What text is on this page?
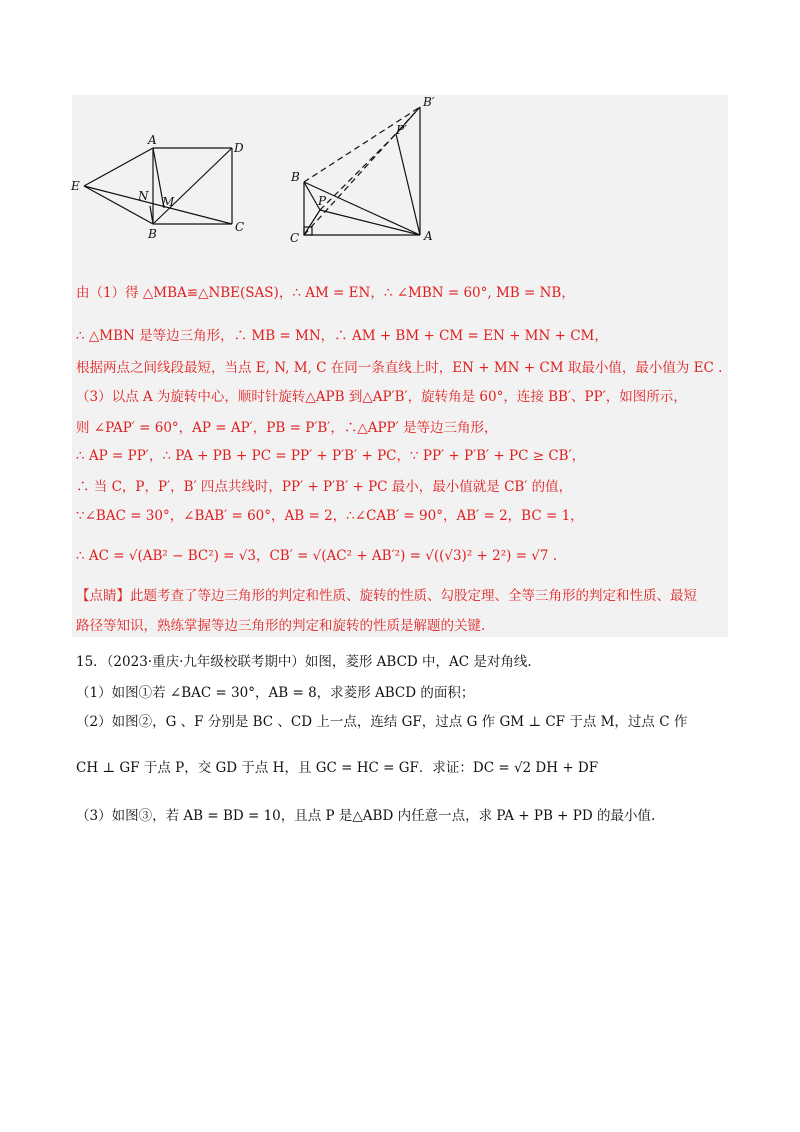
A
D
E
N M
B	C
B′
P′
B
P
C	A
由（1）得 △MBA≌△NBE(SAS)，∴ AM = EN，∴ ∠MBN = 60°, MB = NB，
∴ △MBN 是等边三角形，∴ MB = MN，∴ AM + BM + CM = EN + MN + CM，
根据两点之间线段最短，当点 E, N, M, C 在同一条直线上时，EN + MN + CM 取最小值，最小值为 EC .
（3）以点 A 为旋转中心，顺时针旋转△APB 到△AP′B′，旋转角是 60°，连接 BB′、PP′，如图所示，
则 ∠PAP′ = 60°，AP = AP′，PB = P′B′，∴△APP′ 是等边三角形，
∴ AP = PP′，∴ PA + PB + PC = PP′ + P′B′ + PC，∵ PP′ + P′B′ + PC ≥ CB′，
∴ 当 C，P，P′，B′ 四点共线时，PP′ + P′B′ + PC 最小，最小值就是 CB′ 的值，
∵∠BAC = 30°，∠BAB′ = 60°，AB = 2，∴∠CAB′ = 90°，AB′ = 2，BC = 1，
∴ AC = √(AB² − BC²) = √3，CB′ = √(AC² + AB′²) = √((√3)² + 2²) = √7 .
【点睛】此题考查了等边三角形的判定和性质、旋转的性质、勾股定理、全等三角形的判定和性质、最短
路径等知识，熟练掌握等边三角形的判定和旋转的性质是解题的关键.
15．（2023·重庆·九年级校联考期中）如图，菱形 ABCD 中，AC 是对角线.
（1）如图①若 ∠BAC = 30°，AB = 8，求菱形 ABCD 的面积；
（2）如图②，G 、F 分别是 BC 、CD 上一点，连结 GF，过点 G 作 GM ⊥ CF 于点 M，过点 C 作
CH ⊥ GF 于点 P，交 GD 于点 H，且 GC = HC = GF．求证：DC = √2 DH + DF
（3）如图③，若 AB = BD = 10，且点 P 是△ABD 内任意一点，求 PA + PB + PD 的最小值.
